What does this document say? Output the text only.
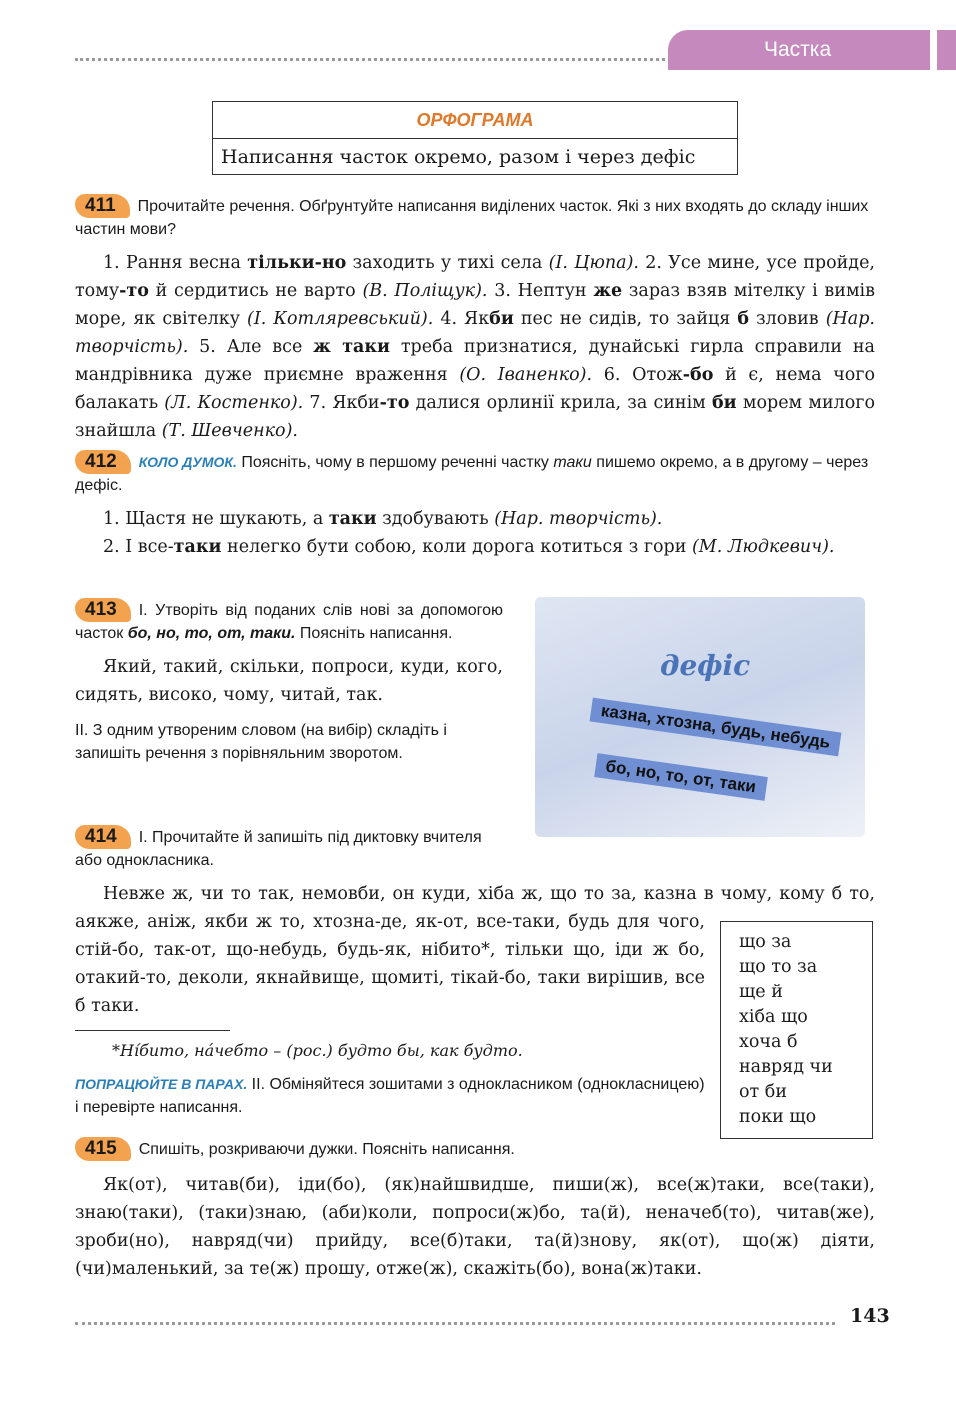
Частка
ОРФОГРАМА
Написання часток окремо, разом і через дефіс
411 Прочитайте речення. Обґрунтуйте написання виділених часток. Які з них входять до складу інших частин мови?
1. Рання весна тільки-но заходить у тихі села (І. Цюпа). 2. Усе мине, усе пройде, тому-то й сердитись не варто (В. Поліщук). 3. Нептун же зараз взяв мітелку і вимів море, як світелку (І. Котляревський). 4. Якби пес не сидів, то зайця б зловив (Нар. творчість). 5. Але все ж таки треба признатися, дунайські гирла справили на мандрівника дуже приємне враження (О. Іваненко). 6. Отож-бо й є, нема чого балакать (Л. Костенко). 7. Якби-то далися орлинії крила, за синім би морем милого знайшла (Т. Шевченко).
412 КОЛО ДУМОК. Поясніть, чому в першому реченні частку таки пишемо окремо, а в другому – через дефіс.
1. Щастя не шукають, а таки здобувають (Нар. творчість).
2. І все-таки нелегко бути собою, коли дорога котиться з гори (М. Людкевич).
413 І. Утворіть від поданих слів нові за допомогою часток бо, но, то, от, таки. Поясніть написання.
Який, такий, скільки, попроси, куди, кого, сидять, високо, чому, читай, так.
ІІ. З одним утвореним словом (на вибір) складіть і запишіть речення з порівняльним зворотом.
дефіс
казна, хтозна, будь, небудь
бо, но, то, от, таки
414 І. Прочитайте й запишіть під диктовку вчителя або однокласника.
Невже ж, чи то так, немовби, он куди, хіба ж, що то за, казна в чому, кому б то, аякже, аніж, якби ж то, хтозна-де, як-от, все-таки, будь для чого, стій-бо, так-от, що-небудь, будь-як, нібито*, тільки що, іди ж бо, отакий-то, деколи, якнайвище, щомиті, тікай-бо, таки вирішив, все б таки.
*Нíбито, нáчебто – (рос.) будто бы, как будто.
ПОПРАЦЮЙТЕ В ПАРАХ. ІІ. Обміняйтеся зошитами з однокласником (однокласницею) і перевірте написання.
що за
що то за
ще й
хіба що
хоча б
навряд чи
от би
поки що
415 Спишіть, розкриваючи дужки. Поясніть написання.
Як(от), читав(би), іди(бо), (як)найшвидше, пиши(ж), все(ж)таки, все(таки), знаю(таки), (таки)знаю, (аби)коли, попроси(ж)бо, та(й), неначеб(то), читав(же), зроби(но), навряд(чи) прийду, все(б)таки, та(й)знову, як(от), що(ж) діяти, (чи)маленький, за те(ж) прошу, отже(ж), скажіть(бо), вона(ж)таки.
143
